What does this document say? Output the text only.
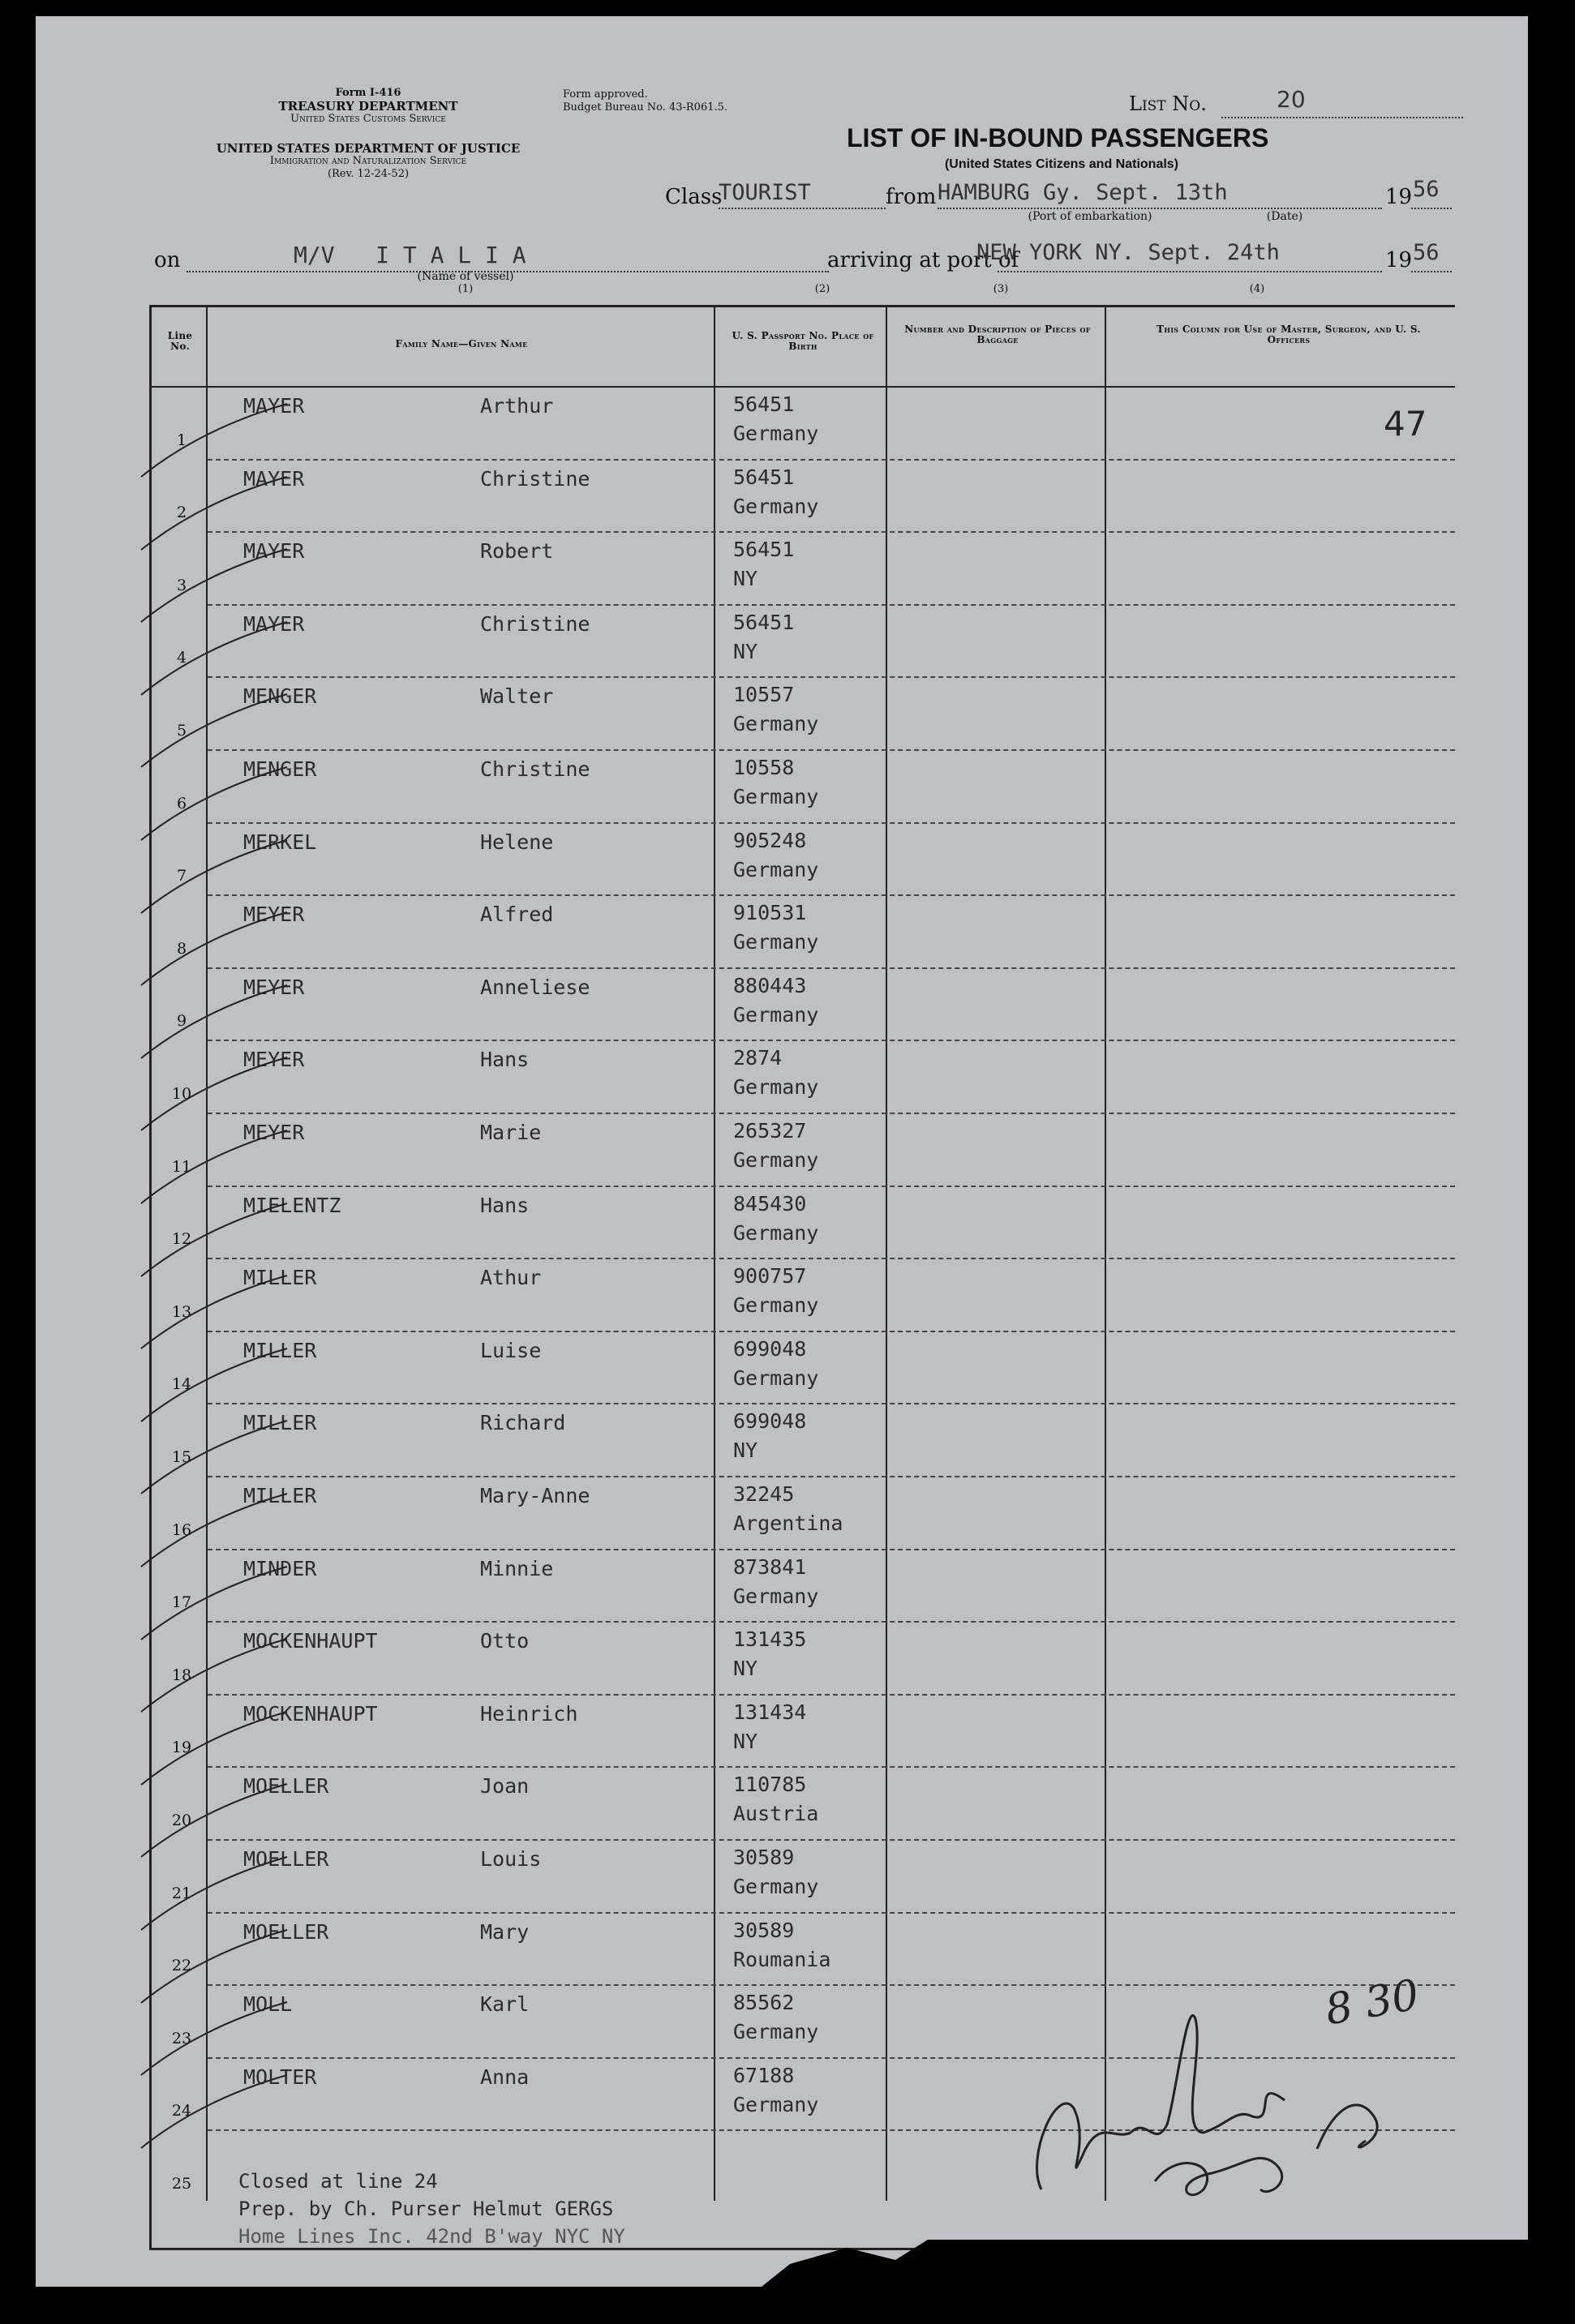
Form I-416
TREASURY DEPARTMENT
United States Customs Service
UNITED STATES DEPARTMENT OF JUSTICE
Immigration and Naturalization Service
(Rev. 12-24-52)
Form approved.
Budget Bureau No. 43-R061.5.	List No.	20
LIST OF IN-BOUND PASSENGERS
(United States Citizens and Nationals)
Class
TOURIST	from HAMBURG Gy. Sept. 13th
(Port of embarkation)	(Date)
19 56
on	M/V   I T A L I A
(Name of vessel)
(1)
arriving at port of
NEW YORK NY. Sept. 24th
(2)	(3)	(4)
19 56
Line No.	Family Name—Given Name
U. S. Passport No. Place of Birth
Number and Description of Pieces of Baggage
This Column for Use of Master, Surgeon, and U. S. Officers
1
MAYER	Arthur	56451
Germany
2
MAYER	Christine	56451
Germany
3
MAYER	Robert	56451
NY
4
MAYER	Christine	56451
NY
5
MENGER	Walter	10557
Germany
6
MENGER	Christine	10558
Germany
7
MERKEL	Helene	905248
Germany
8
MEYER	Alfred	910531
Germany
9
MEYER	Anneliese	880443
Germany
10
MEYER	Hans	2874
Germany
11
MEYER	Marie	265327
Germany
12
MIELENTZ	Hans	845430
Germany
13
MILLER	Athur	900757
Germany
14
MILLER	Luise	699048
Germany
15
MILLER	Richard	699048
NY
16
MILLER	Mary-Anne	32245
Argentina
17
MINDER	Minnie	873841
Germany
18
MOCKENHAUPT	Otto	131435
NY
19
MOCKENHAUPT	Heinrich	131434
NY
20
MOELLER	Joan	110785
Austria
21
MOELLER	Louis	30589
Germany
22
MOELLER	Mary	30589
Roumania
23
MOLL	Karl	85562
Germany
24
MOLTER	Anna	67188
Germany
25	Closed at line 24
Prep. by Ch. Purser Helmut GERGS
Home Lines Inc. 42nd B'way NYC NY
47
8 30
